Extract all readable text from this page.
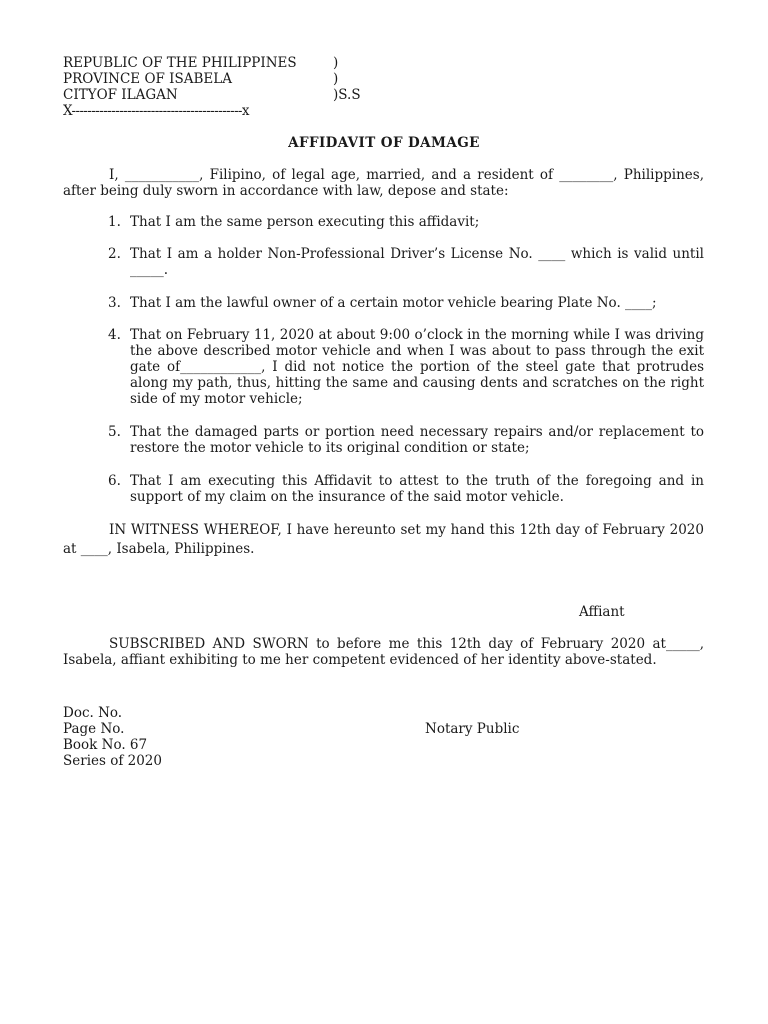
REPUBLIC OF THE PHILIPPINES
PROVINCE OF ISABELA
CITYOF ILAGAN
)
)
)S.S
X-------------------------------------------x
AFFIDAVIT OF DAMAGE
I, ___________, Filipino, of legal age, married, and a resident of ________, Philippines, after being duly sworn in accordance with law, depose and state:
1. That I am the same person executing this affidavit;
2. That I am a holder Non-Professional Driver’s License No. ____ which is valid until _____.
3. That I am the lawful owner of a certain motor vehicle bearing Plate No. ____;
4. That on February 11, 2020 at about 9:00 o’clock in the morning while I was driving the above described motor vehicle and when I was about to pass through the exit gate of____________, I did not notice the portion of the steel gate that protrudes along my path, thus, hitting the same and causing dents and scratches on the right side of my motor vehicle;
5. That the damaged parts or portion need necessary repairs and/or replacement to restore the motor vehicle to its original condition or state;
6. That I am executing this Affidavit to attest to the truth of the foregoing and in support of my claim on the insurance of the said motor vehicle.
IN WITNESS WHEREOF, I have hereunto set my hand this 12th day of February 2020 at ____, Isabela, Philippines.
Affiant
SUBSCRIBED AND SWORN to before me this 12th day of February 2020 at_____, Isabela, affiant exhibiting to me her competent evidenced of her identity above-stated.
Doc. No.
Page No.
Book No. 67
Series of 2020
Notary Public
